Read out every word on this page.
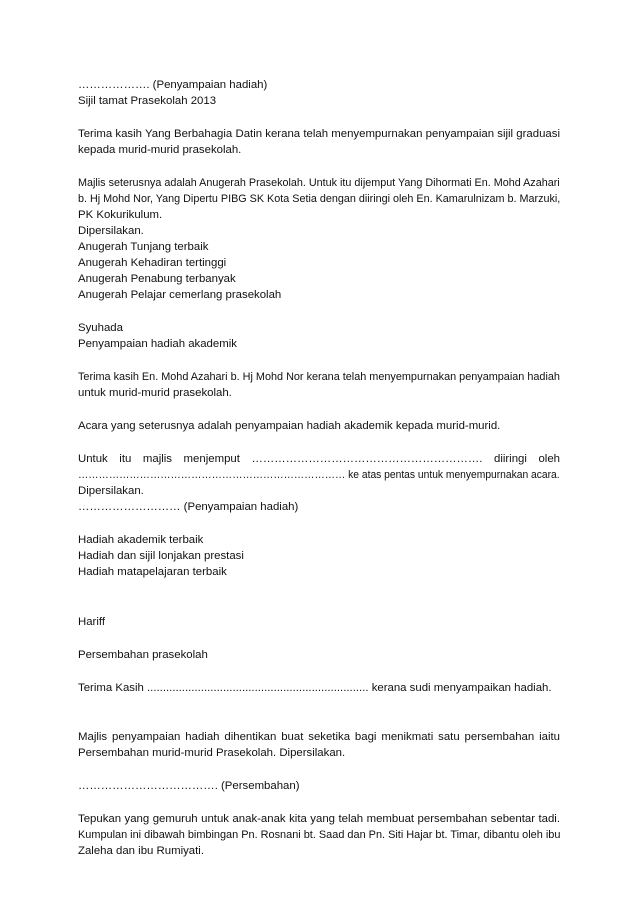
………………. (Penyampaian hadiah)
Sijil tamat Prasekolah 2013
Terima kasih Yang Berbahagia Datin kerana telah menyempurnakan penyampaian sijil graduasi
kepada murid-murid prasekolah.
Majlis seterusnya adalah Anugerah Prasekolah. Untuk itu dijemput Yang Dihormati En. Mohd Azahari
b. Hj Mohd Nor, Yang Dipertu PIBG SK Kota Setia dengan diiringi oleh En. Kamarulnizam b. Marzuki,
PK Kokurikulum.
Dipersilakan.
Anugerah Tunjang terbaik
Anugerah Kehadiran tertinggi
Anugerah Penabung terbanyak
Anugerah Pelajar cemerlang prasekolah
Syuhada
Penyampaian hadiah akademik
Terima kasih En. Mohd Azahari b. Hj Mohd Nor kerana telah menyempurnakan penyampaian hadiah
untuk murid-murid prasekolah.
Acara yang seterusnya adalah penyampaian hadiah akademik kepada murid-murid.
Untuk itu majlis menjemput ……………………………………………………. diiringi oleh
…………………………………………………………………… ke atas pentas untuk menyempurnakan acara.
Dipersilakan.
……………………… (Penyampaian hadiah)
Hadiah akademik terbaik
Hadiah dan sijil lonjakan prestasi
Hadiah matapelajaran terbaik
Hariff
Persembahan prasekolah
Terima Kasih ...................................................................... kerana sudi menyampaikan hadiah.
Majlis penyampaian hadiah dihentikan buat seketika bagi menikmati satu persembahan iaitu
Persembahan murid-murid Prasekolah. Dipersilakan.
………………………………. (Persembahan)
Tepukan yang gemuruh untuk anak-anak kita yang telah membuat persembahan sebentar tadi.
Kumpulan ini dibawah bimbingan Pn. Rosnani bt. Saad dan Pn. Siti Hajar bt. Timar, dibantu oleh ibu
Zaleha dan ibu Rumiyati.
